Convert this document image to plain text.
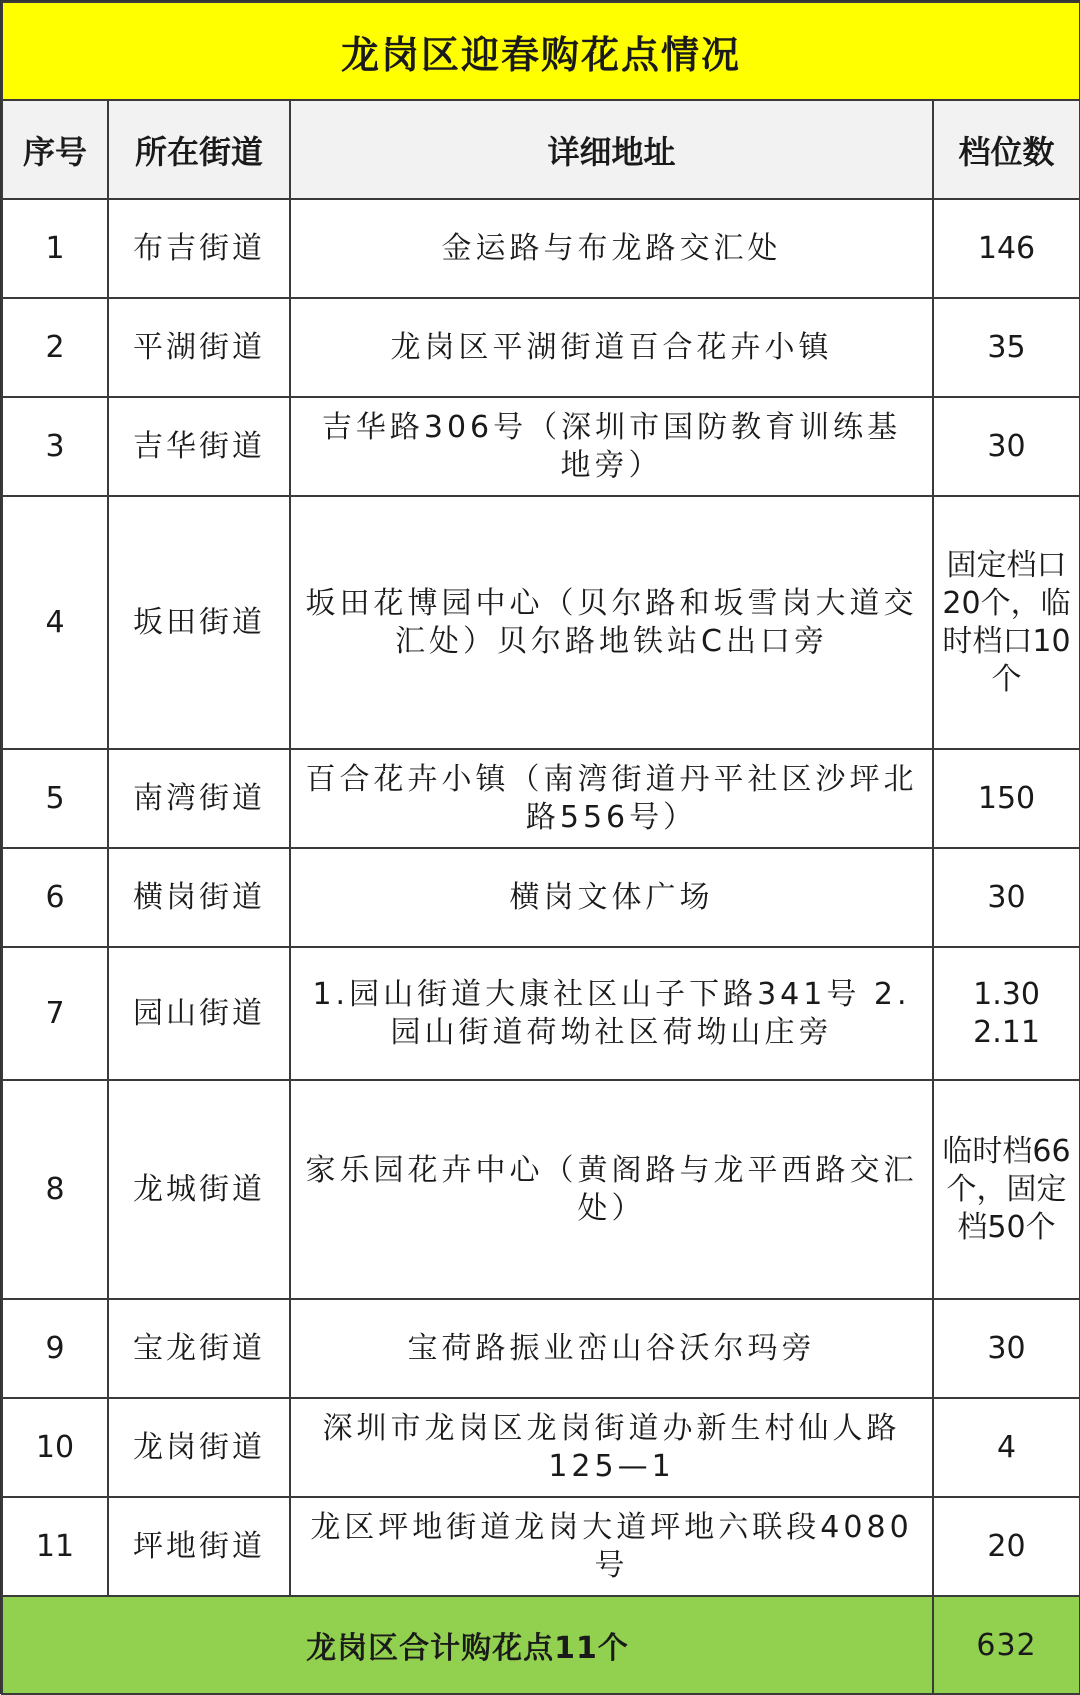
龙岗区迎春购花点情况			
序号	所在街道	详细地址	档位数
1	布吉街道	金运路与布龙路交汇处	146
2	平湖街道	龙岗区平湖街道百合花卉小镇	35
3	吉华街道	吉华路306号（深圳市国防教育训练基地旁）	30
4	坂田街道	坂田花博园中心（贝尔路和坂雪岗大道交汇处）贝尔路地铁站C出口旁	固定档口20个，临时档口10个
5	南湾街道	百合花卉小镇（南湾街道丹平社区沙坪北路556号）	150
6	横岗街道	横岗文体广场	30
7	园山街道	1.园山街道大康社区山子下路341号 2.园山街道荷坳社区荷坳山庄旁	1.30 2.11
8	龙城街道	家乐园花卉中心（黄阁路与龙平西路交汇处）	临时档66个，固定档50个
9	宝龙街道	宝荷路振业峦山谷沃尔玛旁	30
10	龙岗街道	深圳市龙岗区龙岗街道办新生村仙人路125—1	4
11	坪地街道	龙区坪地街道龙岗大道坪地六联段4080号	20
龙岗区合计购花点11个			632
